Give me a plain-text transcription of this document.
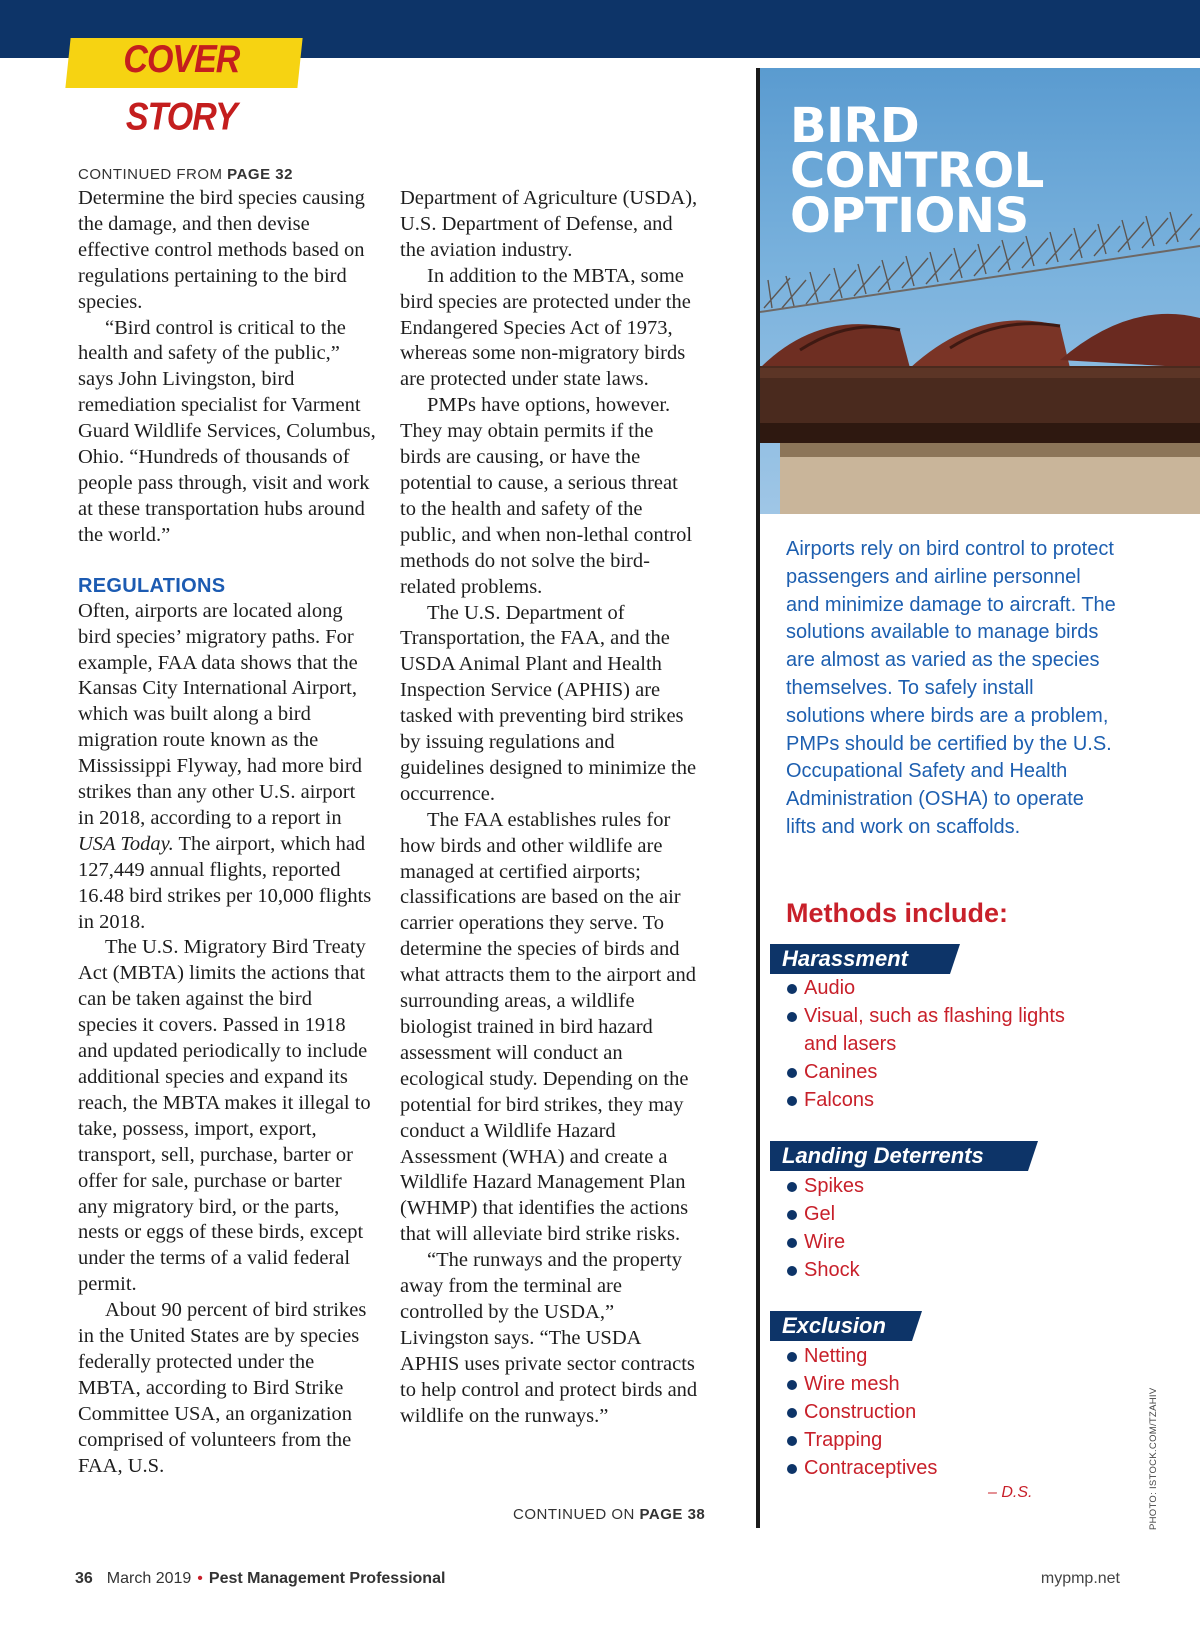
COVER STORY
CONTINUED FROM PAGE 32

Determine the bird species causing the damage, and then devise effective control methods based on regulations pertaining to the bird species.

“Bird control is critical to the health and safety of the public,” says John Livingston, bird remediation specialist for Varment Guard Wildlife Services, Columbus, Ohio. “Hundreds of thousands of people pass through, visit and work at these transportation hubs around the world.”

REGULATIONS

Often, airports are located along bird species’ migratory paths. For example, FAA data shows that the Kansas City International Airport, which was built along a bird migration route known as the Mississippi Flyway, had more bird strikes than any other U.S. airport in 2018, according to a report in USA Today. The airport, which had 127,449 annual flights, reported 16.48 bird strikes per 10,000 flights in 2018.

The U.S. Migratory Bird Treaty Act (MBTA) limits the actions that can be taken against the bird species it covers. Passed in 1918 and updated periodically to include additional species and expand its reach, the MBTA makes it illegal to take, possess, import, export, transport, sell, purchase, barter or offer for sale, purchase or barter any migratory bird, or the parts, nests or eggs of these birds, except under the terms of a valid federal permit.

About 90 percent of bird strikes in the United States are by species federally protected under the MBTA, according to Bird Strike Committee USA, an organization comprised of volunteers from the FAA, U.S.

Department of Agriculture (USDA), U.S. Department of Defense, and the aviation industry.

In addition to the MBTA, some bird species are protected under the Endangered Species Act of 1973, whereas some non-migratory birds are protected under state laws.

PMPs have options, however. They may obtain permits if the birds are causing, or have the potential to cause, a serious threat to the health and safety of the public, and when non-lethal control methods do not solve the bird-related problems.

The U.S. Department of Transportation, the FAA, and the USDA Animal Plant and Health Inspection Service (APHIS) are tasked with preventing bird strikes by issuing regulations and guidelines designed to minimize the occurrence.

The FAA establishes rules for how birds and other wildlife are managed at certified airports; classifications are based on the air carrier operations they serve. To determine the species of birds and what attracts them to the airport and surrounding areas, a wildlife biologist trained in bird hazard assessment will conduct an ecological study. Depending on the potential for bird strikes, they may conduct a Wildlife Hazard Assessment (WHA) and create a Wildlife Hazard Management Plan (WHMP) that identifies the actions that will alleviate bird strike risks.

“The runways and the property away from the terminal are controlled by the USDA,” Livingston says. “The USDA APHIS uses private sector contracts to help control and protect birds and wildlife on the runways.”

CONTINUED ON PAGE 38
BIRD
CONTROL
OPTIONS
Airports rely on bird control to protect passengers and airline personnel and minimize damage to aircraft. The solutions available to manage birds are almost as varied as the species themselves. To safely install solutions where birds are a problem, PMPs should be certified by the U.S. Occupational Safety and Health Administration (OSHA) to operate lifts and work on scaffolds.
Methods include:
Harassment
Audio
Visual, such as flashing lights and lasers
Canines
Falcons
Landing Deterrents
Spikes
Gel
Wire
Shock
Exclusion
Netting
Wire mesh
Construction
Trapping
Contraceptives
– D.S.	PHOTO: ISTOCK.COM/TZAHIV
36 March 2019 • Pest Management Professional	mypmp.net
